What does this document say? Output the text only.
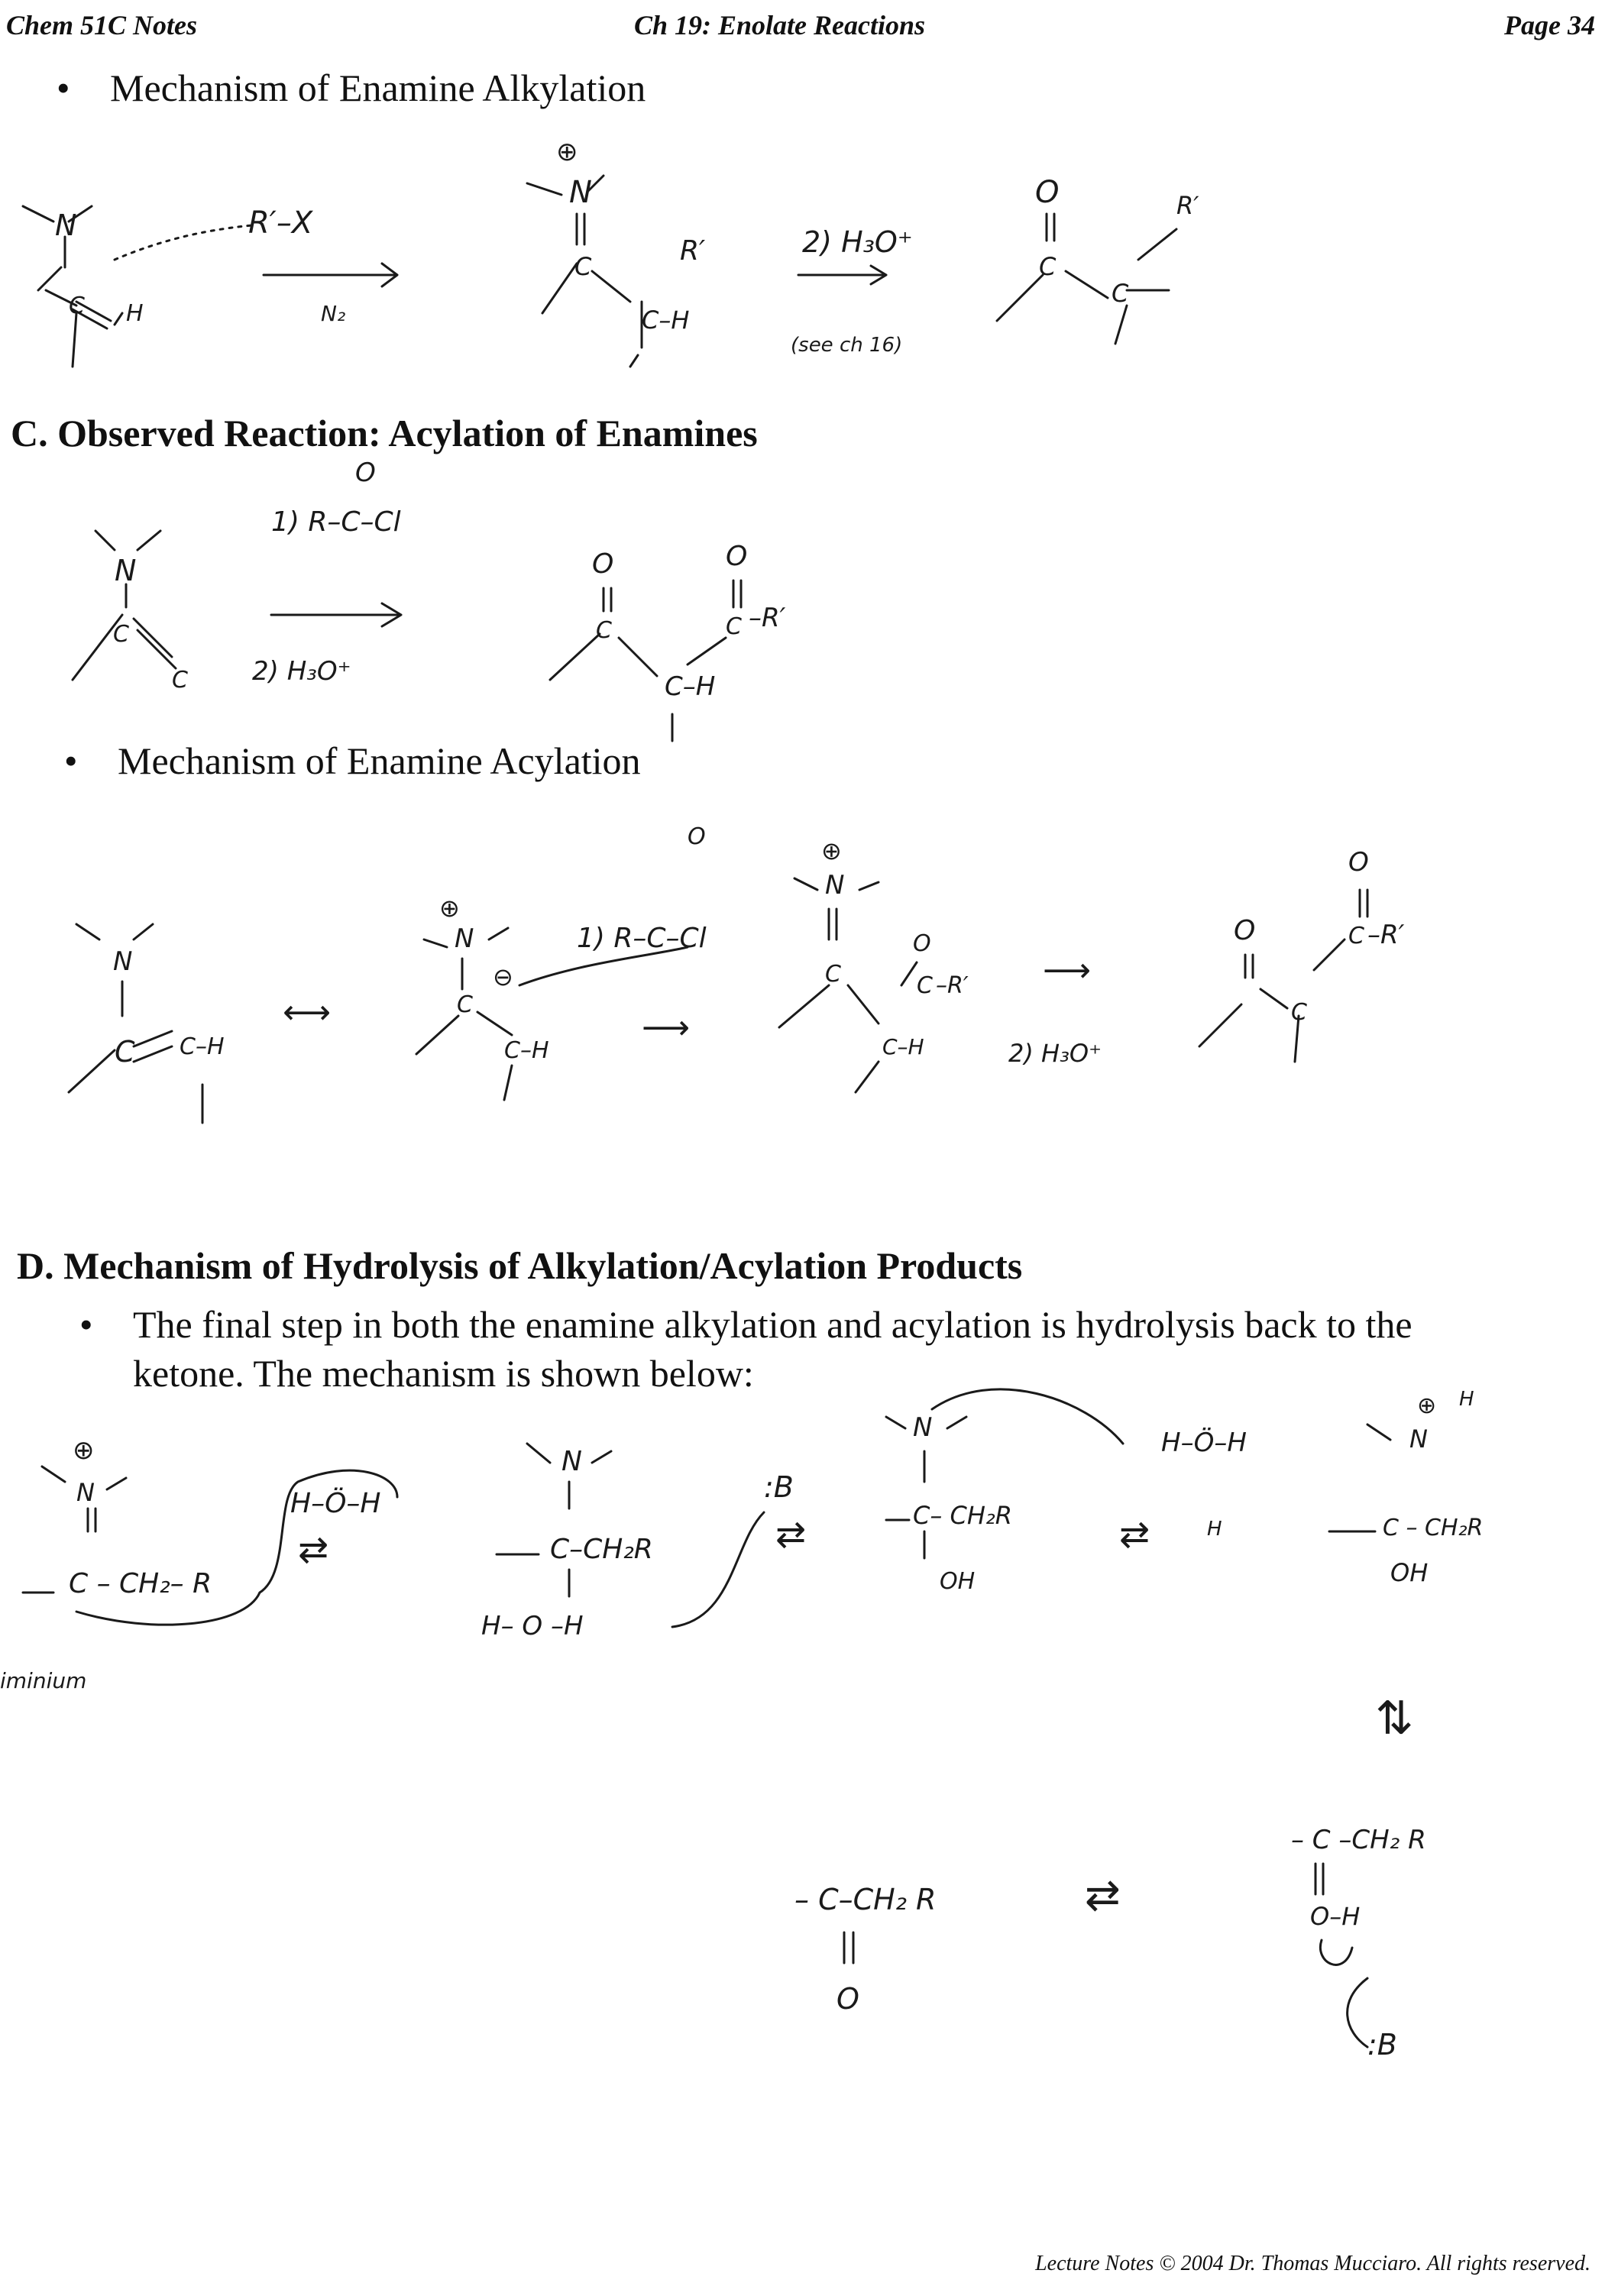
Chem 51C Notes	Ch 19: Enolate Reactions	Page 34
• Mechanism of Enamine Alkylation
N
H
C
R′–X
N₂
⊕
N
C	R′
C–H
2) H₃O⁺
(see ch 16)
O
C
C
R′
C. Observed Reaction: Acylation of Enamines
N
C
C
O
1) R–C–Cl
2) H₃O⁺
O	O
C	C –R′
C–H
• Mechanism of Enamine Acylation
N
C C–H
⟷
⊕
N
⊖
C
C–H
⟶
O
1) R–C–Cl
⊕
N
C
O
C –R′
C–H
⟶
2) H₃O⁺
O
O
C
C –R′
D. Mechanism of Hydrolysis of Alkylation/Acylation Products
• The final step in both the enamine alkylation and acylation is hydrolysis back to the
ketone. The mechanism is shown below:
⊕
N
C – CH₂– R
H–Ö–H
⇄
iminium
N
C–CH₂R
H– O –H
:B
⇄
N
C– CH₂R
OH
H–Ö–H
H
⇄
⊕ H
N
C – CH₂R
OH
⇅
– C–CH₂ R
O
⇄
– C –CH₂ R
O–H
:B
Lecture Notes © 2004 Dr. Thomas Mucciaro. All rights reserved.
